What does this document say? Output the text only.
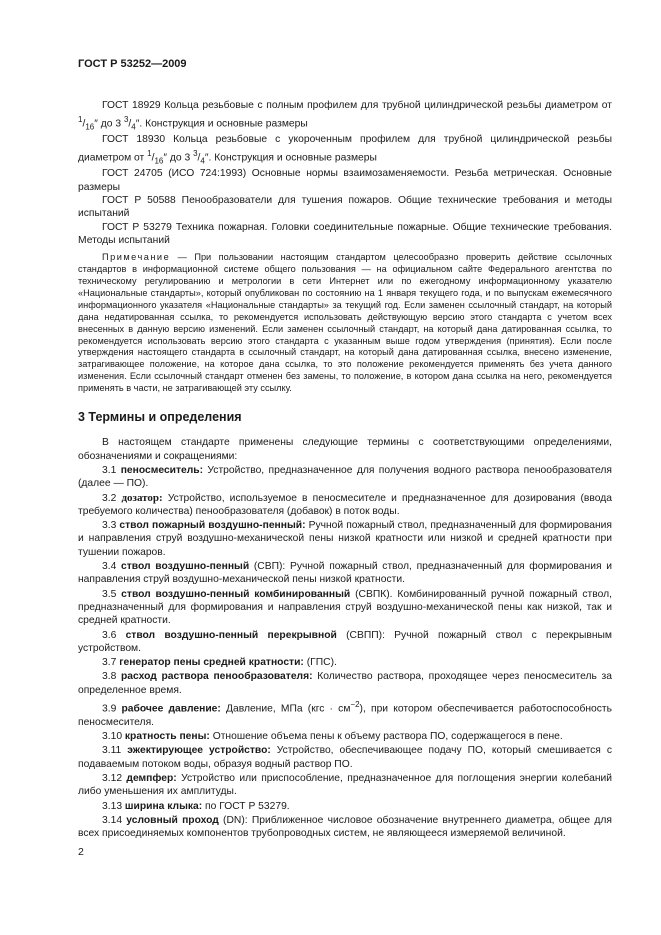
ГОСТ Р 53252—2009

ГОСТ 18929 Кольца резьбовые с полным профилем для трубной цилиндрической резьбы диаметром от $^1/_{16}''$ до 3 $^3/_4''$. Конструкция и основные размеры

ГОСТ 18930 Кольца резьбовые с укороченным профилем для трубной цилиндрической резьбы диаметром от $^1/_{16}''$ до 3 $^3/_4''$. Конструкция и основные размеры

ГОСТ 24705 (ИСО 724:1993) Основные нормы взаимозаменяемости. Резьба метрическая. Основные размеры

ГОСТ Р 50588 Пенообразователи для тушения пожаров. Общие технические требования и методы испытаний

ГОСТ Р 53279 Техника пожарная. Головки соединительные пожарные. Общие технические требования. Методы испытаний

Примечание — При пользовании настоящим стандартом целесообразно проверить действие ссылочных стандартов в информационной системе общего пользования — на официальном сайте Федерального агентства по техническому регулированию и метрологии в сети Интернет или по ежегодному информационному указателю «Национальные стандарты», который опубликован по состоянию на 1 января текущего года, и по выпускам ежемесячного информационного указателя «Национальные стандарты» за текущий год. Если заменен ссылочный стандарт, на который дана недатированная ссылка, то рекомендуется использовать действующую версию этого стандарта с учетом всех внесенных в данную версию изменений. Если заменен ссылочный стандарт, на который дана датированная ссылка, то рекомендуется использовать версию этого стандарта с указанным выше годом утверждения (принятия). Если после утверждения настоящего стандарта в ссылочный стандарт, на который дана датированная ссылка, внесено изменение, затрагивающее положение, на которое дана ссылка, то это положение рекомендуется применять без учета данного изменения. Если ссылочный стандарт отменен без замены, то положение, в котором дана ссылка на него, рекомендуется применять в части, не затрагивающей эту ссылку.

3 Термины и определения

В настоящем стандарте применены следующие термины с соответствующими определениями, обозначениями и сокращениями:

3.1 пеносмеситель: Устройство, предназначенное для получения водного раствора пенообразователя (далее — ПО).

3.2 дозатор: Устройство, используемое в пеносмесителе и предназначенное для дозирования (ввода требуемого количества) пенообразователя (добавок) в поток воды.

3.3 ствол пожарный воздушно-пенный: Ручной пожарный ствол, предназначенный для формирования и направления струй воздушно-механической пены низкой кратности или низкой и средней кратности при тушении пожаров.

3.4 ствол воздушно-пенный (СВП): Ручной пожарный ствол, предназначенный для формирования и направления струй воздушно-механической пены низкой кратности.

3.5 ствол воздушно-пенный комбинированный (СВПК). Комбинированный ручной пожарный ствол, предназначенный для формирования и направления струй воздушно-механической пены как низкой, так и средней кратности.

3.6 ствол воздушно-пенный перекрывной (СВПП): Ручной пожарный ствол с перекрывным устройством.

3.7 генератор пены средней кратности: (ГПС).

3.8 расход раствора пенообразователя: Количество раствора, проходящее через пеносмеситель за определенное время.

3.9 рабочее давление: Давление, МПа $(кгс \cdot см^{-2})$, при котором обеспечивается работоспособность пеносмесителя.

3.10 кратность пены: Отношение объема пены к объему раствора ПО, содержащегося в пене.

3.11 эжектирующее устройство: Устройство, обеспечивающее подачу ПО, который смешивается с подаваемым потоком воды, образуя водный раствор ПО.

3.12 демпфер: Устройство или приспособление, предназначенное для поглощения энергии колебаний либо уменьшения их амплитуды.

3.13 ширина клыка: по ГОСТ Р 53279.

3.14 условный проход (DN): Приближенное числовое обозначение внутреннего диаметра, общее для всех присоединяемых компонентов трубопроводных систем, не являющееся измеряемой величиной.

2
